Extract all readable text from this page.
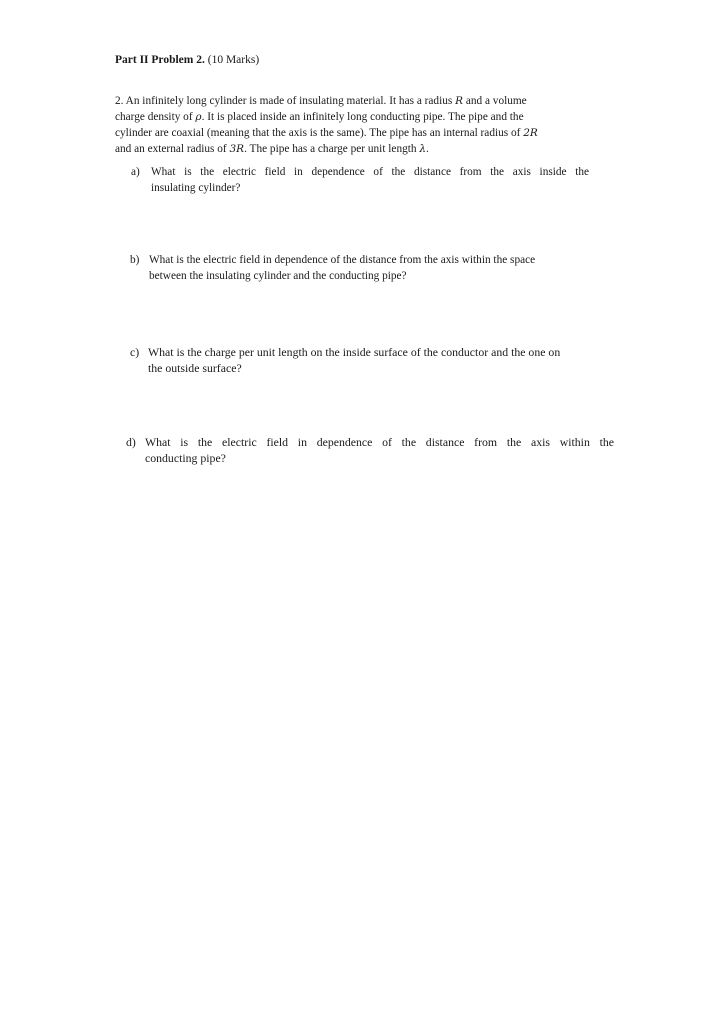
Part II Problem 2. (10 Marks)

2. An infinitely long cylinder is made of insulating material. It has a radius R and a volume
charge density of ρ. It is placed inside an infinitely long conducting pipe. The pipe and the
cylinder are coaxial (meaning that the axis is the same). The pipe has an internal radius of 2R
and an external radius of 3R. The pipe has a charge per unit length λ.

a) What is the electric field in dependence of the distance from the axis inside the
insulating cylinder?
b) What is the electric field in dependence of the distance from the axis within the space
between the insulating cylinder and the conducting pipe?
c) What is the charge per unit length on the inside surface of the conductor and the one on
the outside surface?
d) What is the electric field in dependence of the distance from the axis within the
conducting pipe?
